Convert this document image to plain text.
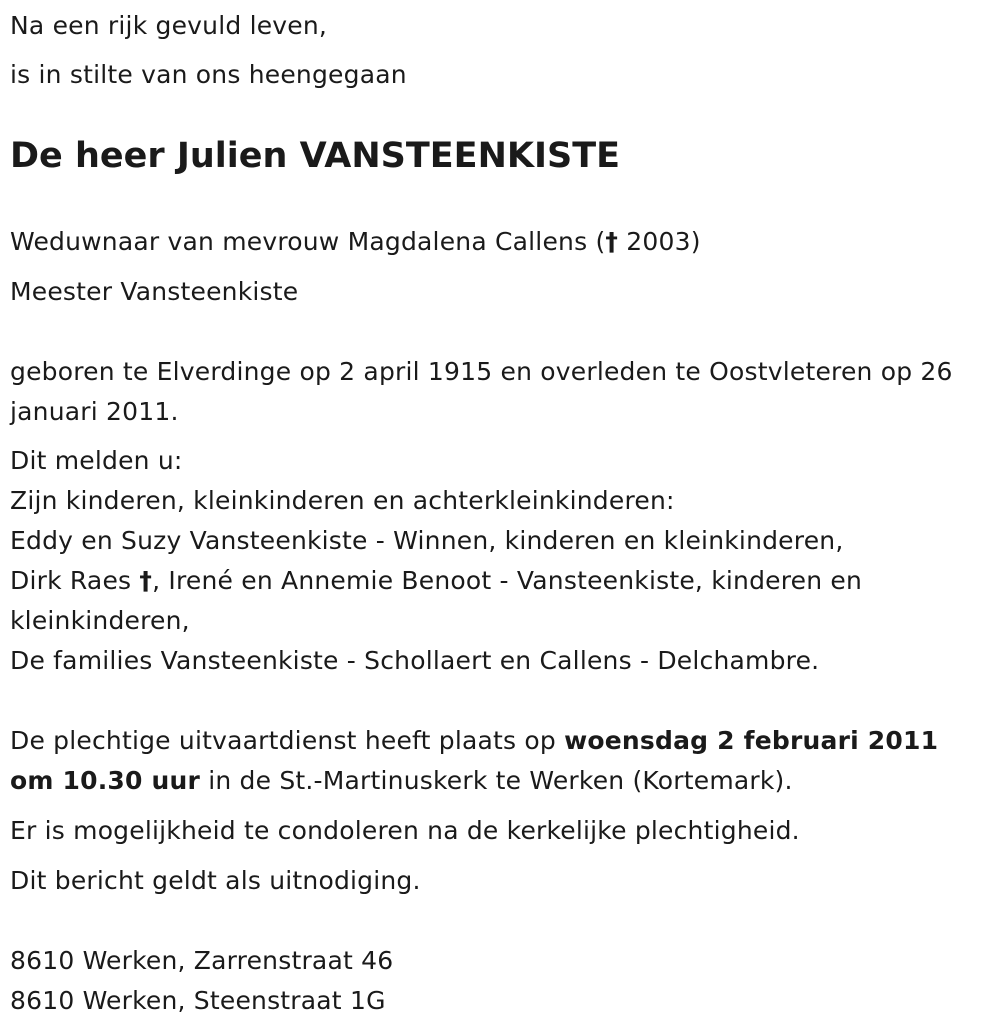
Na een rijk gevuld leven,
is in stilte van ons heengegaan
De heer Julien VANSTEENKISTE
Weduwnaar van mevrouw Magdalena Callens († 2003)
Meester Vansteenkiste
geboren te Elverdinge op 2 april 1915 en overleden te Oostvleteren op 26
januari 2011.
Dit melden u:
Zijn kinderen, kleinkinderen en achterkleinkinderen:
Eddy en Suzy Vansteenkiste - Winnen, kinderen en kleinkinderen,
Dirk Raes †, Irené en Annemie Benoot - Vansteenkiste, kinderen en
kleinkinderen,
De families Vansteenkiste - Schollaert en Callens - Delchambre.
De plechtige uitvaartdienst heeft plaats op woensdag 2 februari 2011
om 10.30 uur in de St.-Martinuskerk te Werken (Kortemark).
Er is mogelijkheid te condoleren na de kerkelijke plechtigheid.
Dit bericht geldt als uitnodiging.
8610 Werken, Zarrenstraat 46
8610 Werken, Steenstraat 1G
